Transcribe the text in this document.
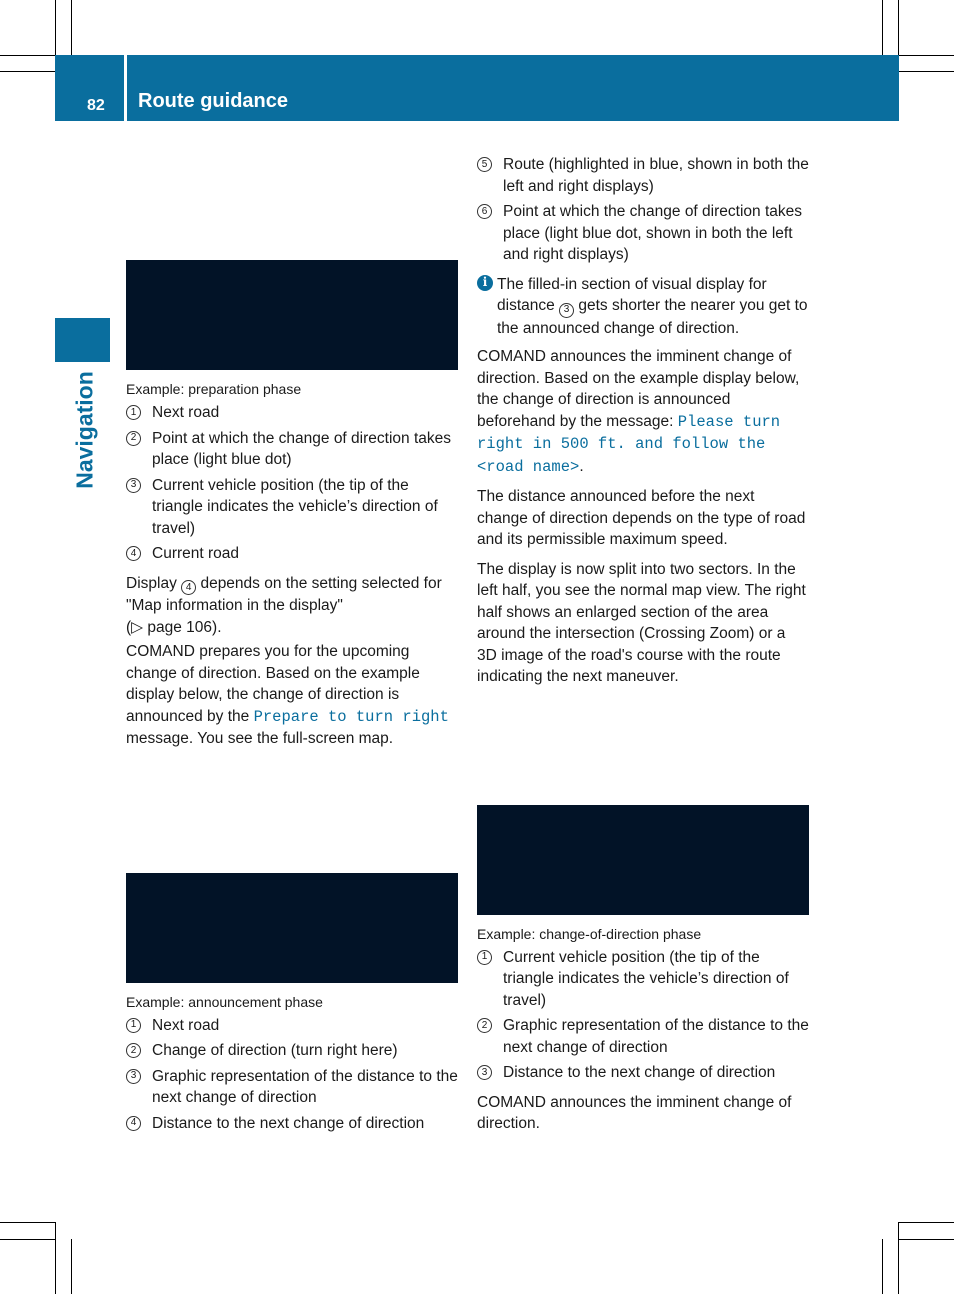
82 Route guidance
Navigation Example: preparation phase
1	Next road
2	Point at which the change of direction takes place (light blue dot)
3	Current vehicle position (the tip of the triangle indicates the vehicle’s direction of travel)
4	Current road

Display 4 depends on the setting selected for "Map information in the display"
(▷ page 106).

COMAND prepares you for the upcoming change of direction. Based on the example display below, the change of direction is announced by the Prepare to turn right message. You see the full-screen map.

Example: announcement phase
1	Next road
2	Change of direction (turn right here)
3	Graphic representation of the distance to the next change of direction
4	Distance to the next change of direction
5	Route (highlighted in blue, shown in both the left and right displays)
6	Point at which the change of direction takes place (light blue dot, shown in both the left and right displays)
i The filled-in section of visual display for distance 3 gets shorter the nearer you get to the announced change of direction.

COMAND announces the imminent change of direction. Based on the example display below, the change of direction is announced beforehand by the message: Please turn right in 500 ft. and follow the <road name>.

The distance announced before the next change of direction depends on the type of road and its permissible maximum speed.

The display is now split into two sectors. In the left half, you see the normal map view. The right half shows an enlarged section of the area around the intersection (Crossing Zoom) or a 3D image of the road's course with the route indicating the next maneuver.

Example: change-of-direction phase
1	Current vehicle position (the tip of the triangle indicates the vehicle’s direction of travel)
2	Graphic representation of the distance to the next change of direction
3	Distance to the next change of direction

COMAND announces the imminent change of direction.
